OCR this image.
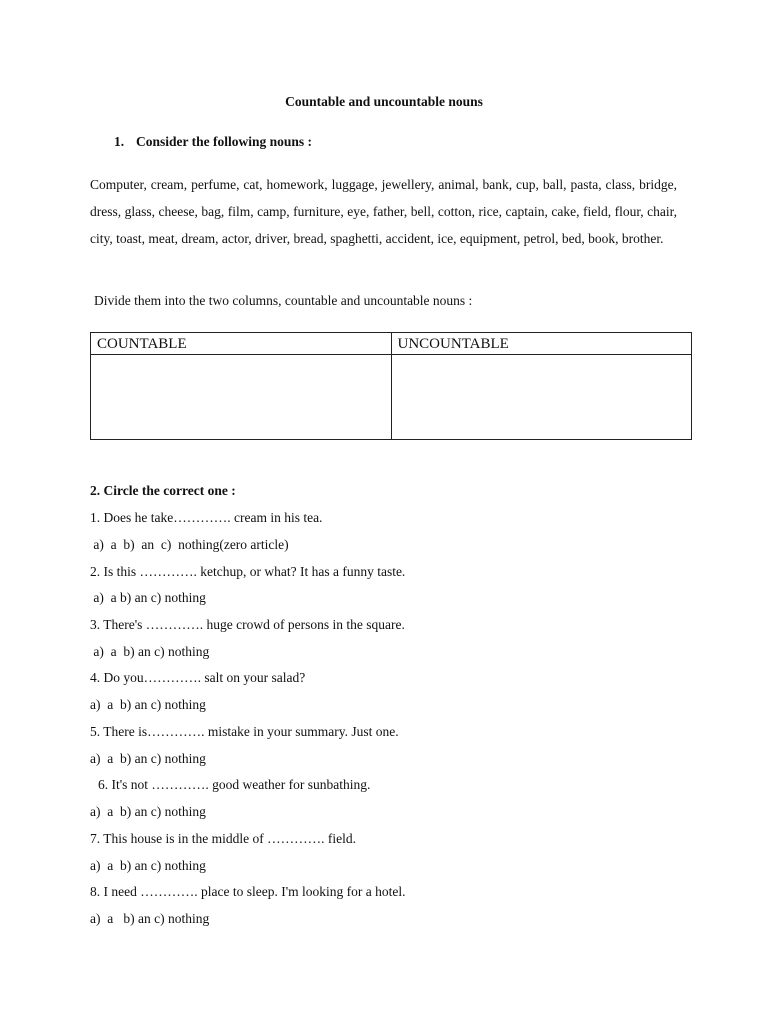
Countable and uncountable nouns
1. Consider the following nouns :
Computer, cream, perfume, cat, homework, luggage, jewellery, animal, bank, cup, ball, pasta, class, bridge, dress, glass, cheese, bag, film, camp, furniture, eye, father, bell, cotton, rice, captain, cake, field, flour, chair, city, toast, meat, dream, actor, driver, bread, spaghetti, accident, ice, equipment, petrol, bed, book, brother.
Divide them into the two columns, countable and uncountable nouns :
COUNTABLE	UNCOUNTABLE

2. Circle the correct one :
1. Does he take…………. cream in his tea.
a)  a  b)  an  c)  nothing(zero article)
2. Is this …………. ketchup, or what? It has a funny taste.
a)  a b) an c) nothing
3. There's …………. huge crowd of persons in the square.
a)  a  b) an c) nothing
4. Do you…………. salt on your salad?
a)  a  b) an c) nothing
5. There is…………. mistake in your summary. Just one.
a)  a  b) an c) nothing
6. It's not …………. good weather for sunbathing.
a)  a  b) an c) nothing
7. This house is in the middle of …………. field.
a)  a  b) an c) nothing
8. I need …………. place to sleep. I'm looking for a hotel.
a)  a   b) an c) nothing
